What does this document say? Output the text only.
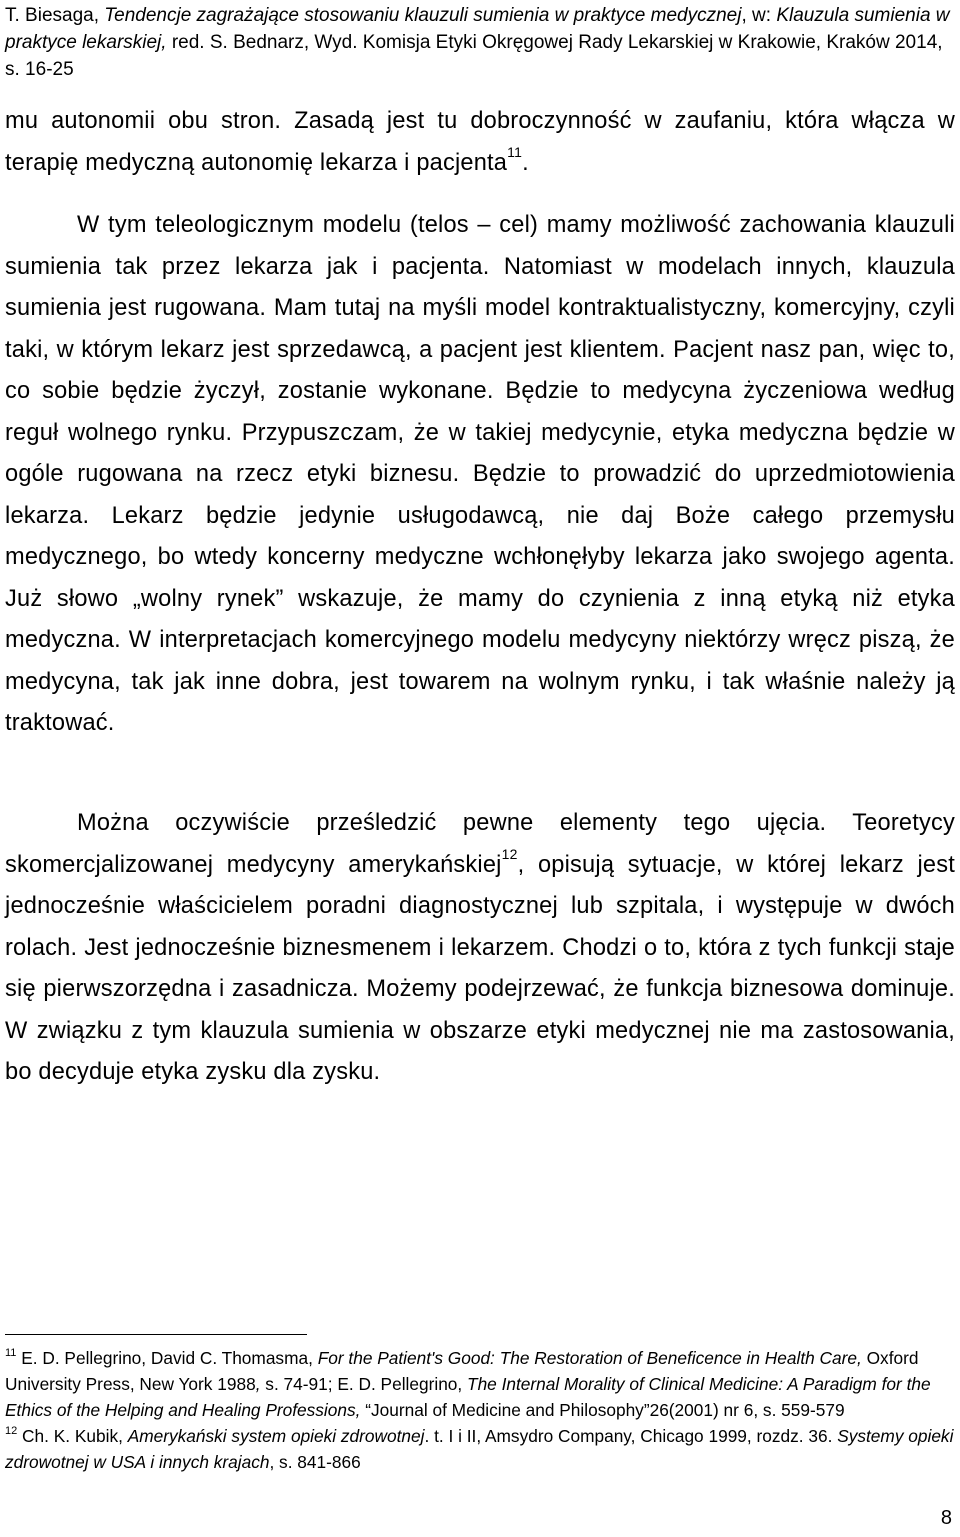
T. Biesaga, Tendencje zagrażające stosowaniu klauzuli sumienia w praktyce medycznej, w: Klauzula sumienia w praktyce lekarskiej, red. S. Bednarz, Wyd. Komisja Etyki Okręgowej Rady Lekarskiej w Krakowie, Kraków 2014, s. 16-25
mu autonomii obu stron. Zasadą jest tu dobroczynność w zaufaniu, która włącza w terapię medyczną autonomię lekarza i pacjenta$^{11}$.
W tym teleologicznym modelu (telos – cel) mamy możliwość zachowania klauzuli sumienia tak przez lekarza jak i pacjenta. Natomiast w modelach innych, klauzula sumienia jest rugowana. Mam tutaj na myśli model kontraktualistyczny, komercyjny, czyli taki, w którym lekarz jest sprzedawcą, a pacjent jest klientem. Pacjent nasz pan, więc to, co sobie będzie życzył, zostanie wykonane. Będzie to medycyna życzeniowa według reguł wolnego rynku. Przypuszczam, że w takiej medycynie, etyka medyczna będzie w ogóle rugowana na rzecz etyki biznesu. Będzie to prowadzić do uprzedmiotowienia lekarza. Lekarz będzie jedynie usługodawcą, nie daj Boże całego przemysłu medycznego, bo wtedy koncerny medyczne wchłonęłyby lekarza jako swojego agenta. Już słowo „wolny rynek” wskazuje, że mamy do czynienia z inną etyką niż etyka medyczna. W interpretacjach komercyjnego modelu medycyny niektórzy wręcz piszą, że medycyna, tak jak inne dobra, jest towarem na wolnym rynku, i tak właśnie należy ją traktować.
Można oczywiście prześledzić pewne elementy tego ujęcia. Teoretycy skomercjalizowanej medycyny amerykańskiej$^{12}$, opisują sytuacje, w której lekarz jest jednocześnie właścicielem poradni diagnostycznej lub szpitala, i występuje w dwóch rolach. Jest jednocześnie biznesmenem i lekarzem. Chodzi o to, która z tych funkcji staje się pierwszorzędna i zasadnicza. Możemy podejrzewać, że funkcja biznesowa dominuje. W związku z tym klauzula sumienia w obszarze etyki medycznej nie ma zastosowania, bo decyduje etyka zysku dla zysku.
$^{11}$ E. D. Pellegrino, David C. Thomasma, For the Patient's Good: The Restoration of Beneficence in Health Care, Oxford University Press, New York 1988, s. 74-91; E. D. Pellegrino, The Internal Morality of Clinical Medicine: A Paradigm for the Ethics of the Helping and Healing Professions, “Journal of Medicine and Philosophy”26(2001) nr 6, s. 559-579
$^{12}$ Ch. K. Kubik, Amerykański system opieki zdrowotnej. t. I i II, Amsydro Company, Chicago 1999, rozdz. 36. Systemy opieki zdrowotnej w USA i innych krajach, s. 841-866
8
